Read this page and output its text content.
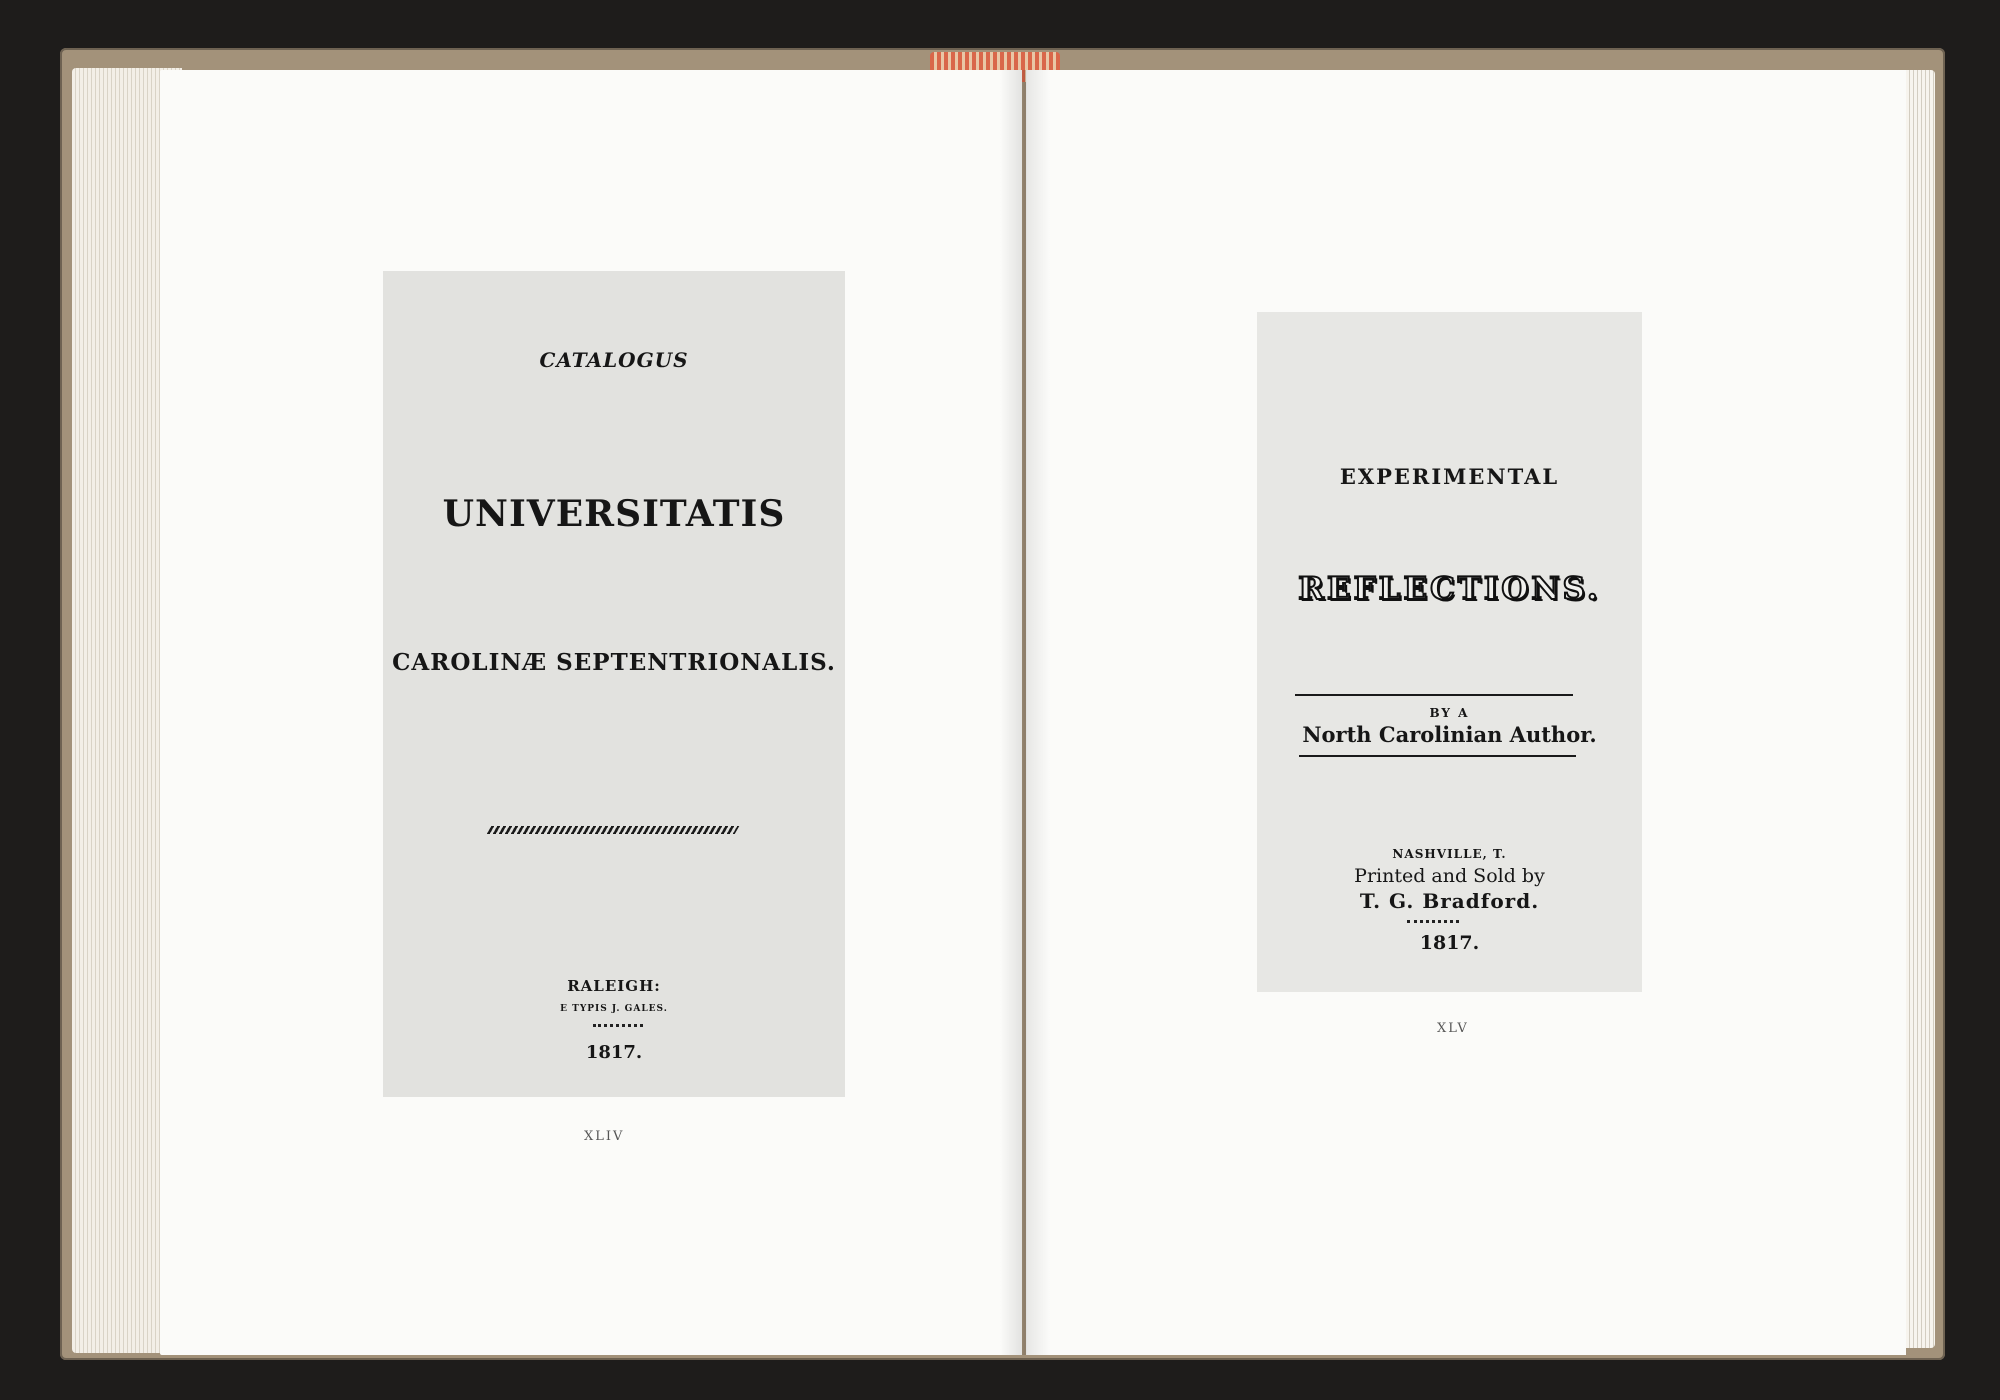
CATALOGUS
UNIVERSITATIS
CAROLINÆ SEPTENTRIONALIS.
RALEIGH:
E TYPIS J. GALES.
1817.
EXPERIMENTAL
REFLECTIONS.
BY A
North Carolinian Author.
NASHVILLE, T.
Printed and Sold by
T. G. Bradford.
1817.
XLIV
XLV
